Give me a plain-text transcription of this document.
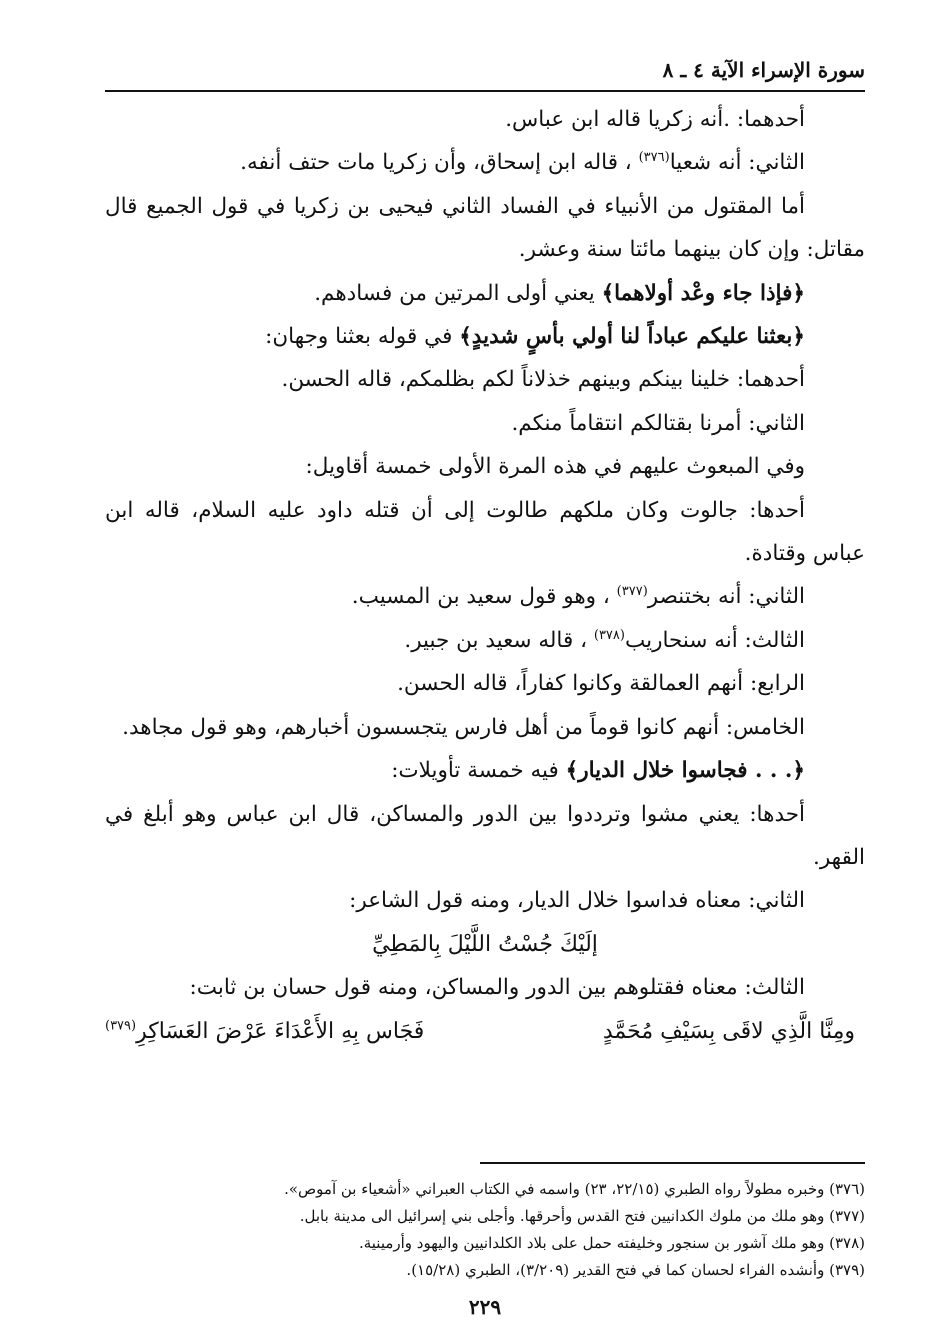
سورة الإسراء الآية ٤ ـ ٨

أحدهما: .أنه زكريا قاله ابن عباس.

الثاني: أنه شعيا$^{(٣٧٦)}$ ، قاله ابن إسحاق، وأن زكريا مات حتف أنفه.

أما المقتول من الأنبياء في الفساد الثاني فيحيى بن زكريا في قول الجميع قال مقاتل: وإن كان بينهما مائتا سنة وعشر.

﴿فإذا جاء وعْد أولاهما﴾ يعني أولى المرتين من فسادهم.

﴿بعثنا عليكم عباداً لنا أولي بأسٍ شديدٍ﴾ في قوله بعثنا وجهان:

أحدهما: خلينا بينكم وبينهم خذلاناً لكم بظلمكم، قاله الحسن.

الثاني: أمرنا بقتالكم انتقاماً منكم.

وفي المبعوث عليهم في هذه المرة الأولى خمسة أقاويل:

أحدها: جالوت وكان ملكهم طالوت إلى أن قتله داود عليه السلام، قاله ابن عباس وقتادة.

الثاني: أنه بختنصر$^{(٣٧٧)}$ ، وهو قول سعيد بن المسيب.

الثالث: أنه سنحاريب$^{(٣٧٨)}$ ، قاله سعيد بن جبير.

الرابع: أنهم العمالقة وكانوا كفاراً، قاله الحسن.

الخامس: أنهم كانوا قوماً من أهل فارس يتجسسون أخبارهم، وهو قول مجاهد.

﴿. . . فجاسوا خلال الديار﴾ فيه خمسة تأويلات:

أحدها: يعني مشوا وترددوا بين الدور والمساكن، قال ابن عباس وهو أبلغ في القهر.

الثاني: معناه فداسوا خلال الديار، ومنه قول الشاعر:

إلَيْكَ جُسْتُ اللَّيْلَ بِالمَطِيِّ

الثالث: معناه فقتلوهم بين الدور والمساكن، ومنه قول حسان بن ثابت:

ومِنَّا الَّذِي لاقَى بِسَيْفِ مُحَمَّدٍ
فَجَاس بِهِ الأَعْدَاءَ عَرْضَ العَسَاكِرِ$^{(٣٧٩)}$

(٣٧٦) وخبره مطولاً رواه الطبري (٢٢/١٥، ٢٣) واسمه في الكتاب العبراني «أشعياء بن آموص».

(٣٧٧) وهو ملك من ملوك الكدانيين فتح القدس وأحرقها. وأجلى بني إسرائيل الى مدينة بابل.

(٣٧٨) وهو ملك آشور بن سنجور وخليفته حمل على بلاد الكلدانيين واليهود وأرمينية.

(٣٧٩) وأنشده الفراء لحسان كما في فتح القدير (٣/٢٠٩)، الطبري (١٥/٢٨).

٢٢٩
